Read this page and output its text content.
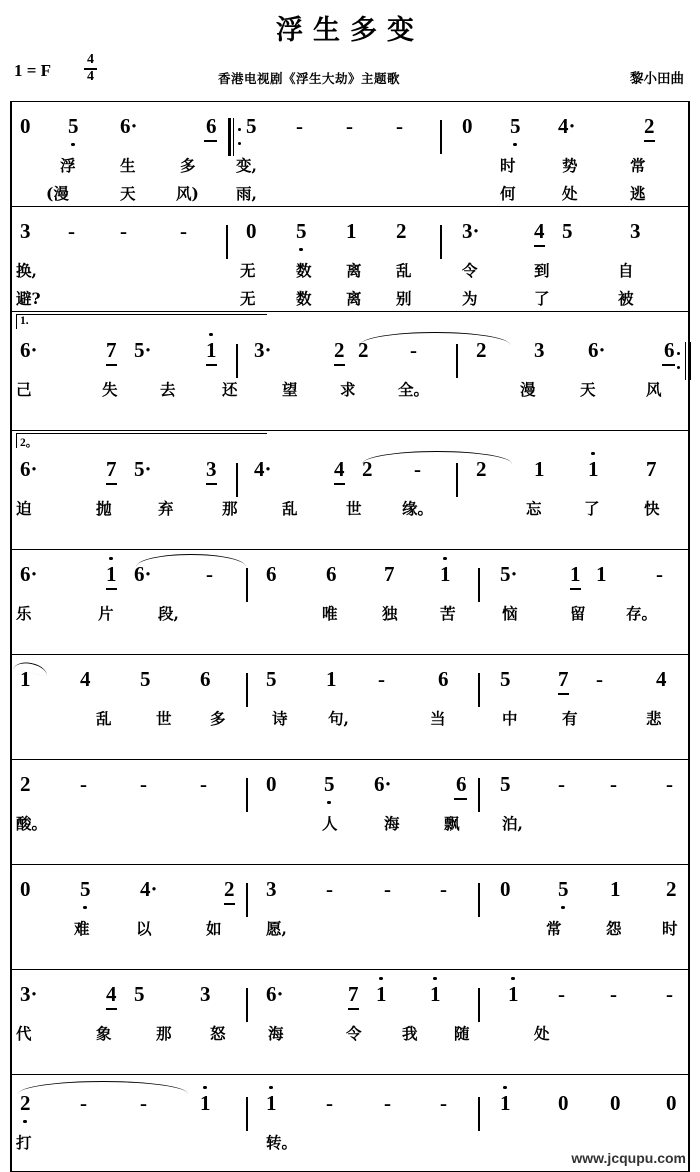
浮生多变
1 = F $\frac{4}{4}$	香港电视剧《浮生大劫》主题歌	黎小田曲
0 5 6·	6 5 - - -	0 5 4·	2
浮	生	多	变,	时	势	常
(漫	天	风) 雨,	何	处	逃
3 - -	-	0 5 1 2	3·	4 5	3
换,	无	数 离 乱	令	到	自
避?	无	数 离 别	为	了	被
1.
6·	7 5·	1 3·	2 2 -	2 3 6·	6
己	失	去	还	望	求	全。	漫	天	风
2。
6·	7 5·	3 4·	4 2 -	2 1 1 7
迫	抛	弃	那	乱	世	缘。	忘	了	快
6·	1 6·	-	6 6 7 1 5· 1 1 -
乐	片	段,	唯	独	苦	恼	留	存。
1 4 5 6	5 1 -	6 5 7 -	4
乱	世 多	诗	句,	当	中	有	悲
2 -	-	-	0 5 6·	6 5 - - -
酸。	人	海	飘	泊,
0 5 4·	2 3 - - -	0 5 1 2
难	以	如	愿,	常	怨	时
3·	4 5	3	6·	7 1 1	1 - - -
代	象	那 怒	海	令	我 随	处
2 -	-	1	1 - - -	1 0 0 0
打	转。
www.jcqupu.com
